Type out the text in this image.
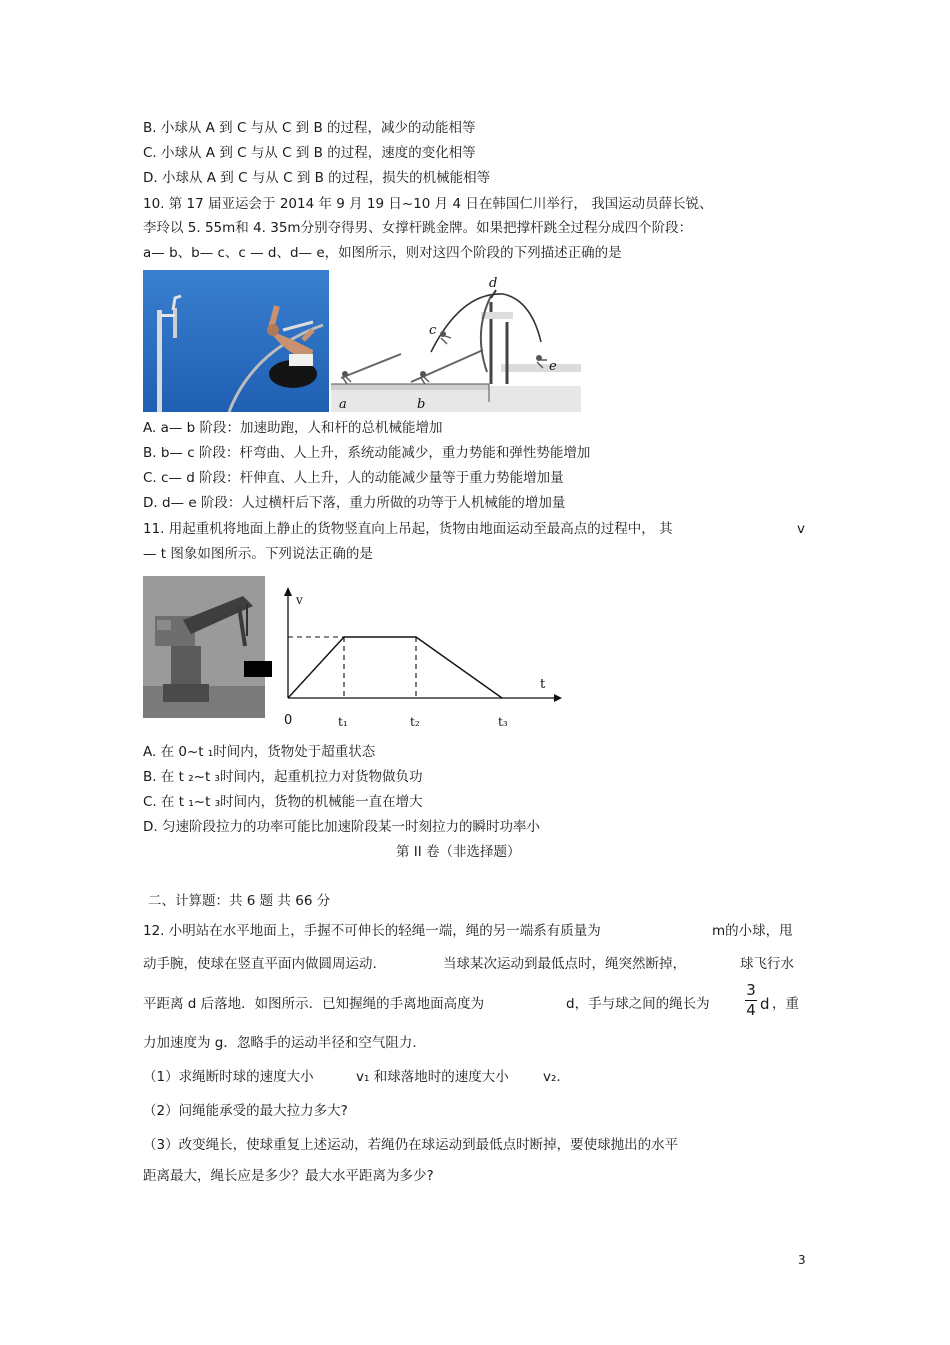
B. 小球从 A 到 C 与从 C 到 B 的过程，减少的动能相等
C. 小球从 A 到 C 与从 C 到 B 的过程，速度的变化相等
D. 小球从 A 到 C 与从 C 到 B 的过程，损失的机械能相等
10. 第 17 届亚运会于 2014 年 9 月 19 日~10 月 4 日在韩国仁川举行， 我国运动员薛长锐、
李玲以 5. 55m和 4. 35m分别夺得男、女撑杆跳金牌。如果把撑杆跳全过程分成四个阶段：
a— b、b— c、c — d、d— e，如图所示，则对这四个阶段的下列描述正确的是
a	b
c
d
e
A. a— b 阶段：加速助跑，人和杆的总机械能增加
B. b— c 阶段：杆弯曲、人上升，系统动能减少，重力势能和弹性势能增加
C. c— d 阶段：杆伸直、人上升，人的动能减少量等于重力势能增加量
D. d— e 阶段：人过横杆后下落，重力所做的功等于人机械能的增加量
11. 用起重机将地面上静止的货物竖直向上吊起，货物由地面运动至最高点的过程中， 其	v
— t 图象如图所示。下列说法正确的是
v
t
0	t₁	t₂	t₃
A. 在 0~t ₁时间内，货物处于超重状态
B. 在 t ₂~t ₃时间内，起重机拉力对货物做负功
C. 在 t ₁~t ₃时间内，货物的机械能一直在增大
D. 匀速阶段拉力的功率可能比加速阶段某一时刻拉力的瞬时功率小
第 II 卷（非选择题）
二、计算题：共 6 题 共 66 分
12. 小明站在水平地面上，手握不可伸长的轻绳一端，绳的另一端系有质量为	m的小球，甩
动手腕，使球在竖直平面内做圆周运动.	当球某次运动到最低点时，绳突然断掉，	球飞行水
平距离 d 后落地．如图所示．已知握绳的手离地面高度为	d，手与球之间的绳长为
3
4 d ，重
力加速度为 g．忽略手的运动半径和空气阻力.
（1）求绳断时球的速度大小	v₁ 和球落地时的速度大小	v₂.
（2）问绳能承受的最大拉力多大?
（3）改变绳长，使球重复上述运动，若绳仍在球运动到最低点时断掉，要使球抛出的水平
距离最大，绳长应是多少？最大水平距离为多少?
3
